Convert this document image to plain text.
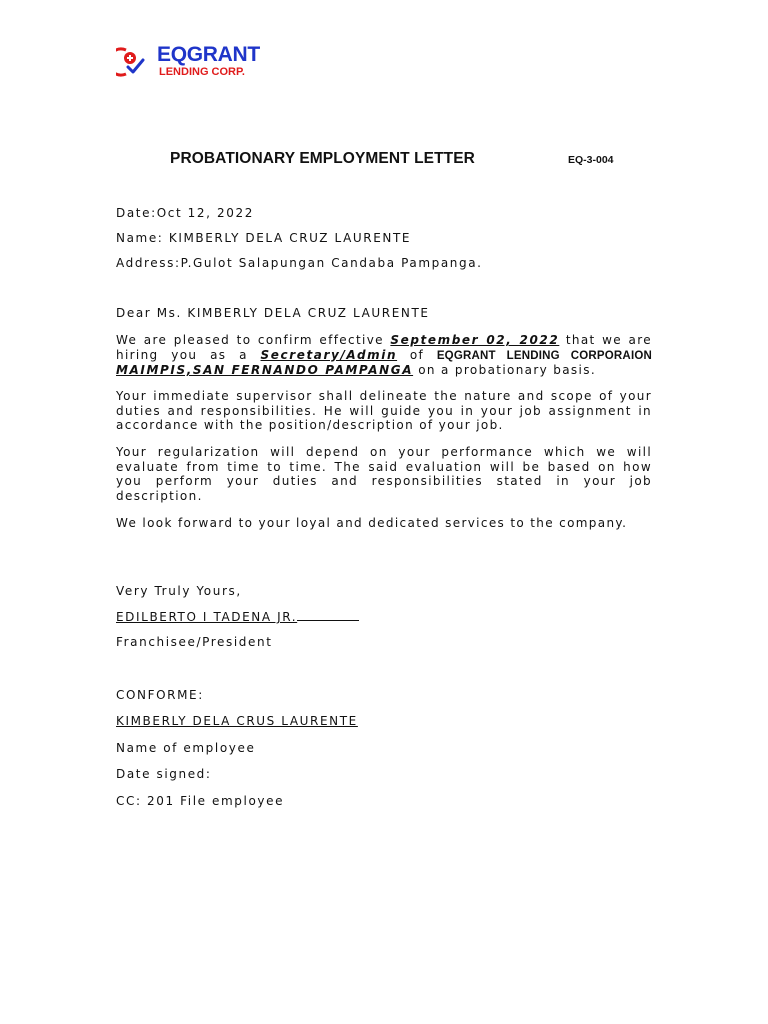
EQGRANT
LENDING CORP.
PROBATIONARY EMPLOYMENT LETTER	EQ-3-004
Date:Oct 12, 2022
Name: KIMBERLY DELA CRUZ LAURENTE
Address:P.Gulot Salapungan Candaba Pampanga.
Dear Ms. KIMBERLY DELA CRUZ LAURENTE
We are pleased to confirm effective September 02, 2022 that we are hiring you as a Secretary/Admin of EQGRANT LENDING CORPORAION MAIMPIS,SAN FERNANDO PAMPANGA on a probationary basis.
Your immediate supervisor shall delineate the nature and scope of your duties and responsibilities. He will guide you in your job assignment in accordance with the position/description of your job.
Your regularization will depend on your performance which we will evaluate from time to time. The said evaluation will be based on how you perform your duties and responsibilities stated in your job description.
We look forward to your loyal and dedicated services to the company.
Very Truly Yours,
EDILBERTO I TADENA JR.
Franchisee/President
CONFORME:
KIMBERLY DELA CRUS LAURENTE
Name of employee
Date signed:
CC: 201 File employee
